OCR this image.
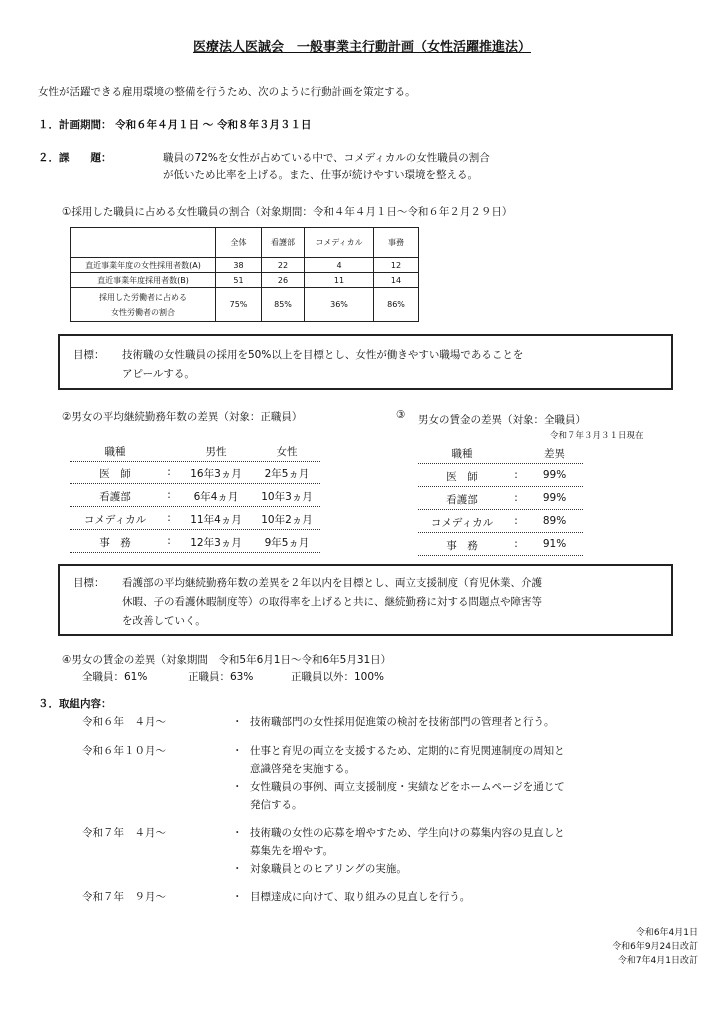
医療法人医誠会　一般事業主行動計画（女性活躍推進法）
女性が活躍できる雇用環境の整備を行うため、次のように行動計画を策定する。
１．計画期間： 令和６年４月１日 ～ 令和８年３月３１日
２．課　　題：	職員の72%を女性が占めている中で、コメディカルの女性職員の割合
が低いため比率を上げる。また、仕事が続けやすい環境を整える。
①採用した職員に占める女性職員の割合（対象期間：令和４年４月１日～令和６年２月２９日）
	全体	看護部	コメディカル	事務
直近事業年度の女性採用者数(A)	38	22	4	12
直近事業年度採用者数(B)	51	26	11	14

採用した労働者に占める
女性労働者の割合	75%	85%	36%	86%
目標： 技術職の女性職員の採用を50%以上を目標とし、女性が働きやすい職場であることを
アピールする。
②男女の平均継続勤務年数の差異（対象：正職員）
職種	男性	女性
医　師	:	16年3ヵ月	2年5ヵ月
看護部	:	6年4ヵ月	10年3ヵ月
コメディカル	:	11年4ヵ月	10年2ヵ月
事　務	:	12年3ヵ月	9年5ヵ月
③ 男女の賃金の差異（対象：全職員）
令和７年３月３１日現在
職種	差異
医　師	:	99%
看護部	:	99%
コメディカル	:	89%
事　務	:	91%
目標： 看護部の平均継続勤務年数の差異を２年以内を目標とし、両立支援制度（育児休業、介護
休暇、子の看護休暇制度等）の取得率を上げると共に、継続勤務に対する問題点や障害等
を改善していく。
④男女の賃金の差異（対象期間　令和5年6月1日～令和6年5月31日）
全職員：61%	正職員：63%	正職員以外：100%
３．取組内容：
令和６年　４月～	・ 技術職部門の女性採用促進策の検討を技術部門の管理者と行う。
令和６年１０月～	・ 仕事と育児の両立を支援するため、定期的に育児関連制度の周知と
意識啓発を実施する。
・ 女性職員の事例、両立支援制度・実績などをホームページを通じて
発信する。
令和７年　４月～	・ 技術職の女性の応募を増やすため、学生向けの募集内容の見直しと
募集先を増やす。
・ 対象職員とのヒアリングの実施。
令和７年　９月～	・ 目標達成に向けて、取り組みの見直しを行う。
令和6年4月1日
令和6年9月24日改訂
令和7年4月1日改訂
